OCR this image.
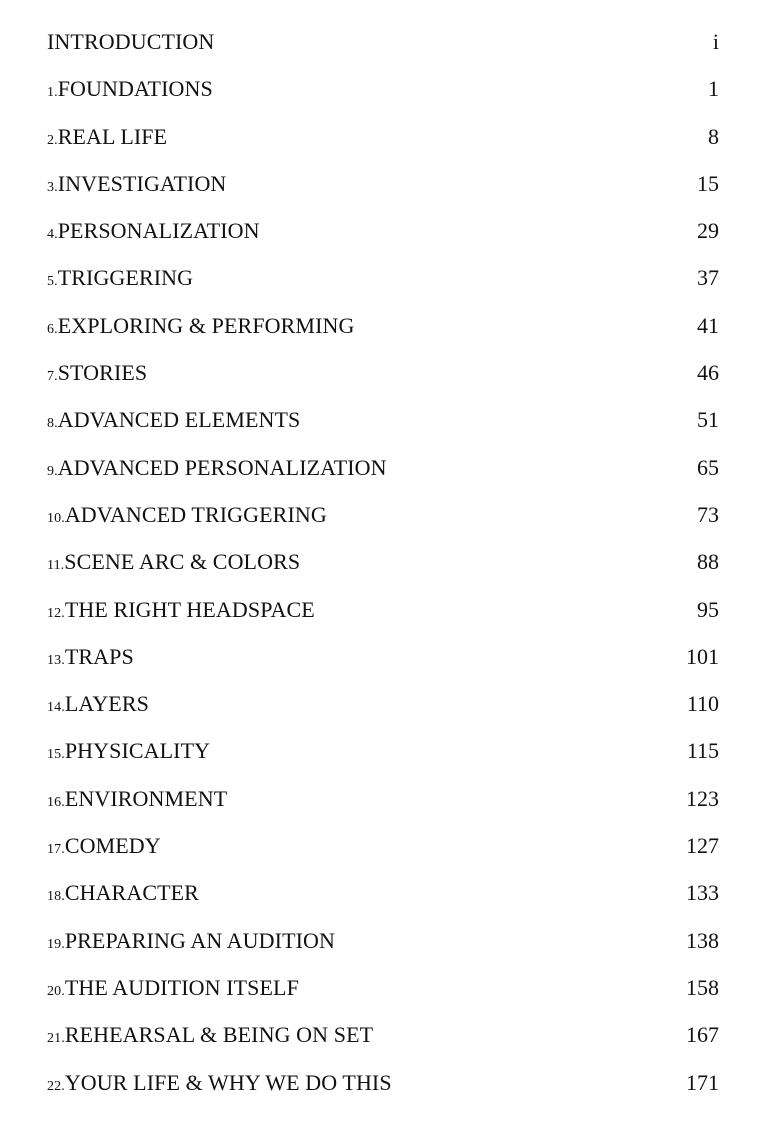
INTRODUCTION	i
1.FOUNDATIONS	1
2.REAL LIFE	8
3.INVESTIGATION	15
4.PERSONALIZATION	29
5.TRIGGERING	37
6.EXPLORING & PERFORMING	41
7.STORIES	46
8.ADVANCED ELEMENTS	51
9.ADVANCED PERSONALIZATION	65
10.ADVANCED TRIGGERING	73
11.SCENE ARC & COLORS	88
12.THE RIGHT HEADSPACE	95
13.TRAPS	101
14.LAYERS	110
15.PHYSICALITY	115
16.ENVIRONMENT	123
17.COMEDY	127
18.CHARACTER	133
19.PREPARING AN AUDITION	138
20.THE AUDITION ITSELF	158
21.REHEARSAL & BEING ON SET	167
22.YOUR LIFE & WHY WE DO THIS	171
